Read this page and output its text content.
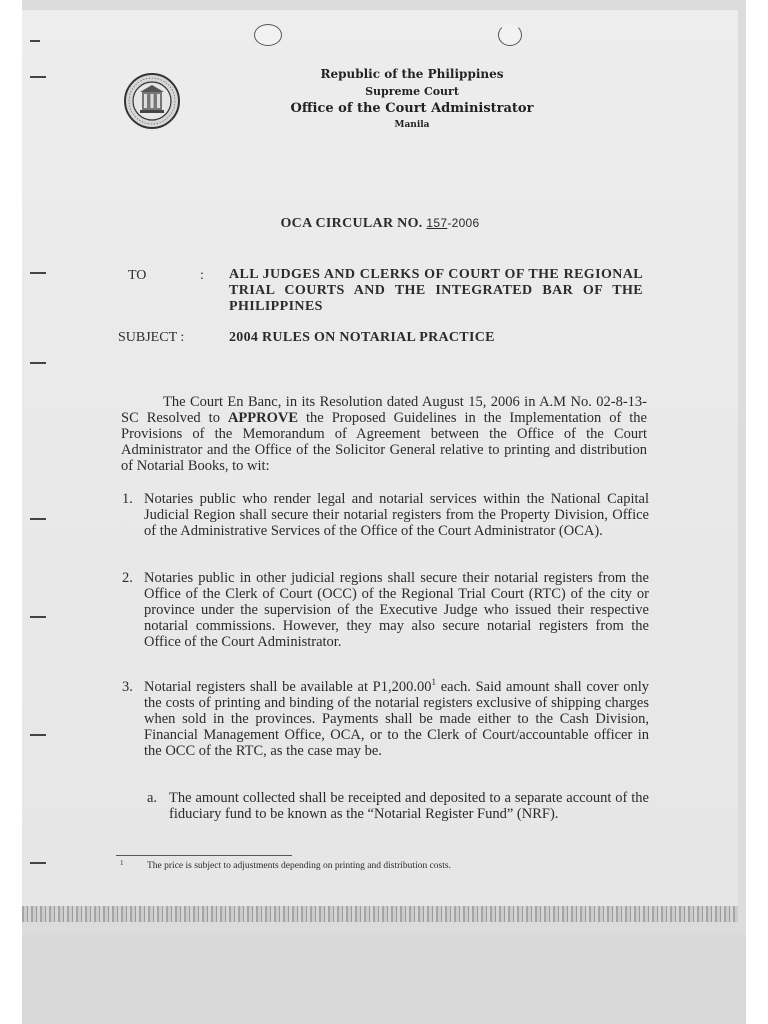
Republic of the Philippines
Supreme Court
Office of the Court Administrator
Manila
OCA CIRCULAR NO. 157-2006
TO	: ALL JUDGES AND CLERKS OF COURT OF THE REGIONAL TRIAL COURTS AND THE INTEGRATED BAR OF THE PHILIPPINES
SUBJECT :	2004 RULES ON NOTARIAL PRACTICE
The Court En Banc, in its Resolution dated August 15, 2006 in A.M No. 02-8-13-SC Resolved to APPROVE the Proposed Guidelines in the Implementation of the Provisions of the Memorandum of Agreement between the Office of the Court Administrator and the Office of the Solicitor General relative to printing and distribution of Notarial Books, to wit:
1. Notaries public who render legal and notarial services within the National Capital Judicial Region shall secure their notarial registers from the Property Division, Office of the Administrative Services of the Office of the Court Administrator (OCA).
2. Notaries public in other judicial regions shall secure their notarial registers from the Office of the Clerk of Court (OCC) of the Regional Trial Court (RTC) of the city or province under the supervision of the Executive Judge who issued their respective notarial commissions. However, they may also secure notarial registers from the Office of the Court Administrator.
3. Notarial registers shall be available at P1,200.00$^1$ each. Said amount shall cover only the costs of printing and binding of the notarial registers exclusive of shipping charges when sold in the provinces. Payments shall be made either to the Cash Division, Financial Management Office, OCA, or to the Clerk of Court/accountable officer in the OCC of the RTC, as the case may be.
a. The amount collected shall be receipted and deposited to a separate account of the fiduciary fund to be known as the “Notarial Register Fund” (NRF).
1 The price is subject to adjustments depending on printing and distribution costs.
